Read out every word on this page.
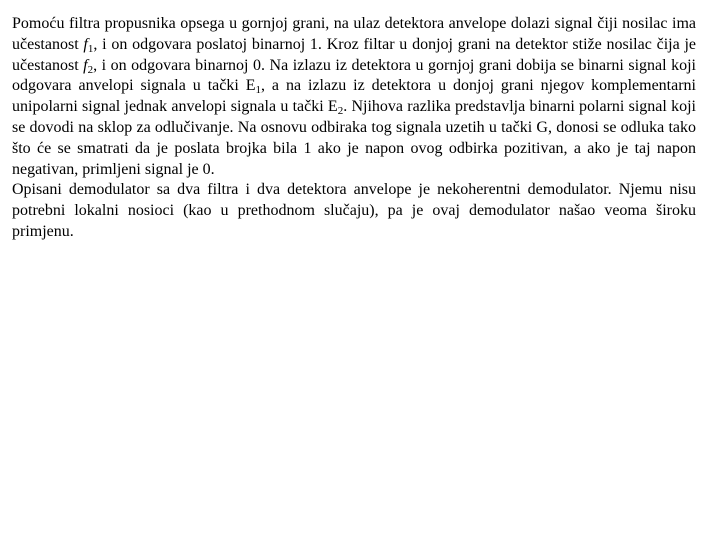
Pomoću filtra propusnika opsega u gornjoj grani, na ulaz detektora anvelope dolazi signal čiji nosilac ima učestanost $f_1$, i on odgovara poslatoj binarnoj 1. Kroz filtar u donjoj grani na detektor stiže nosilac čija je učestanost $f_2$, i on odgovara binarnoj 0. Na izlazu iz detektora u gornjoj grani dobija se binarni signal koji odgovara anvelopi signala u tački $E_1$, a na izlazu iz detektora u donjoj grani njegov komplementarni unipolarni signal jednak anvelopi signala u tački $E_2$. Njihova razlika predstavlja binarni polarni signal koji se dovodi na sklop za odlučivanje. Na osnovu odbiraka tog signala uzetih u tački G, donosi se odluka tako što će se smatrati da je poslata brojka bila 1 ako je napon ovog odbirka pozitivan, a ako je taj napon negativan, primljeni signal je 0.

Opisani demodulator sa dva filtra i dva detektora anvelope je nekoherentni demodulator. Njemu nisu potrebni lokalni nosioci (kao u prethodnom slučaju), pa je ovaj demodulator našao veoma široku primjenu.
